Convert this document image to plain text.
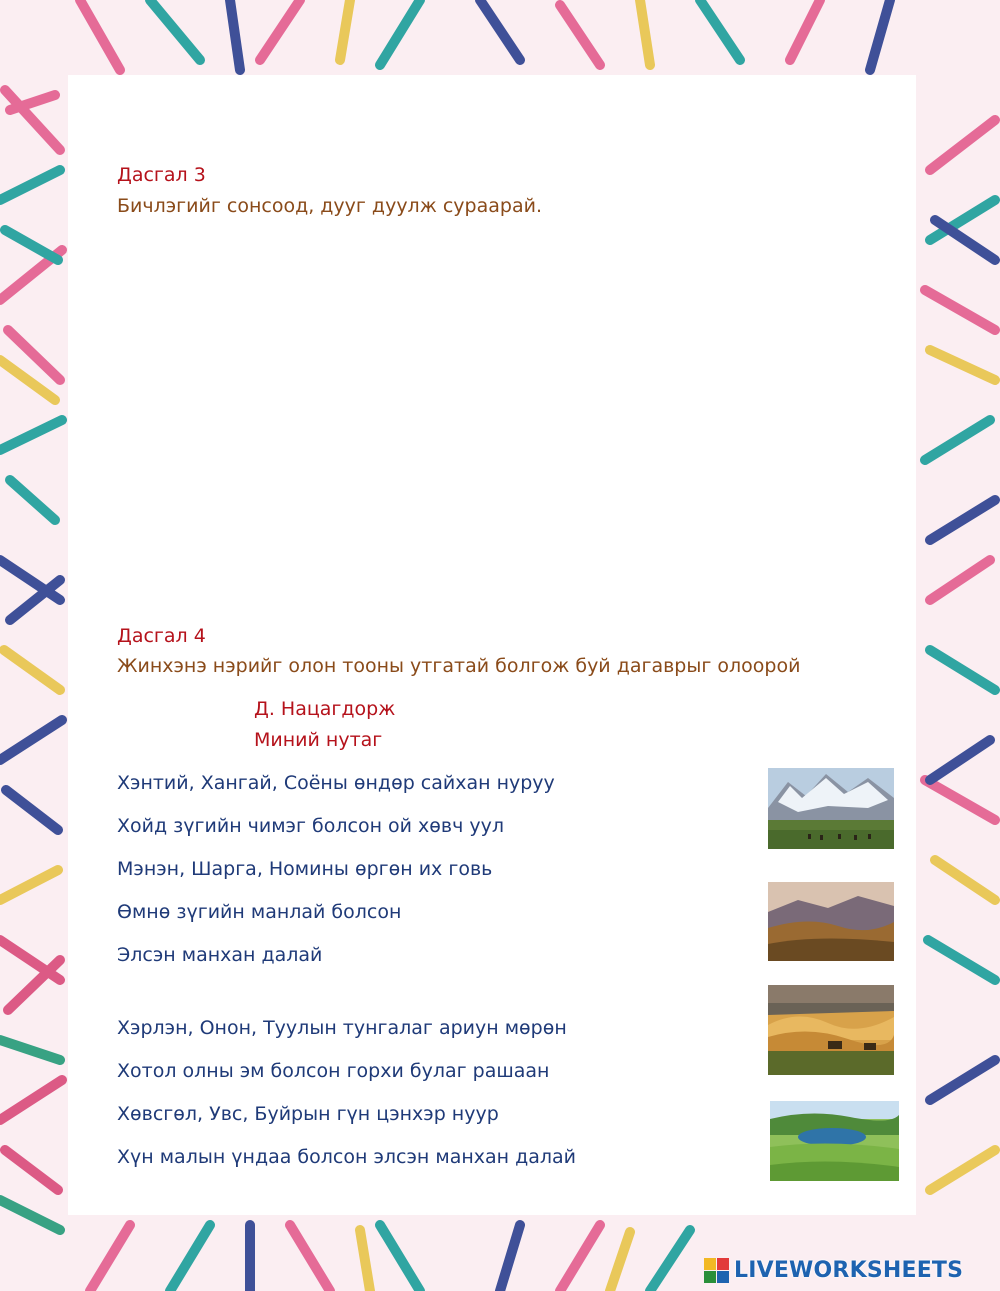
Дасгал 3
Бичлэгийг сонсоод, дууг дуулж сураарай.
Дасгал 4
Жинхэнэ нэрийг олон тооны утгатай болгож буй дагаврыг олоорой
Д. Нацагдорж
Миний нутаг
Хэнтий, Хангай, Соёны өндөр сайхан нуруу
Хойд зүгийн чимэг болсон ой хөвч уул
Мэнэн, Шарга, Номины өргөн их говь
Өмнө зүгийн манлай болсон
Элсэн манхан далай
Хэрлэн, Онон, Туулын тунгалаг ариун мөрөн
Хотол олны эм болсон горхи булаг рашаан
Хөвсгөл, Увс, Буйрын гүн цэнхэр нуур
Хүн малын үндаа болсон элсэн манхан далай
LIVEWORKSHEETS
